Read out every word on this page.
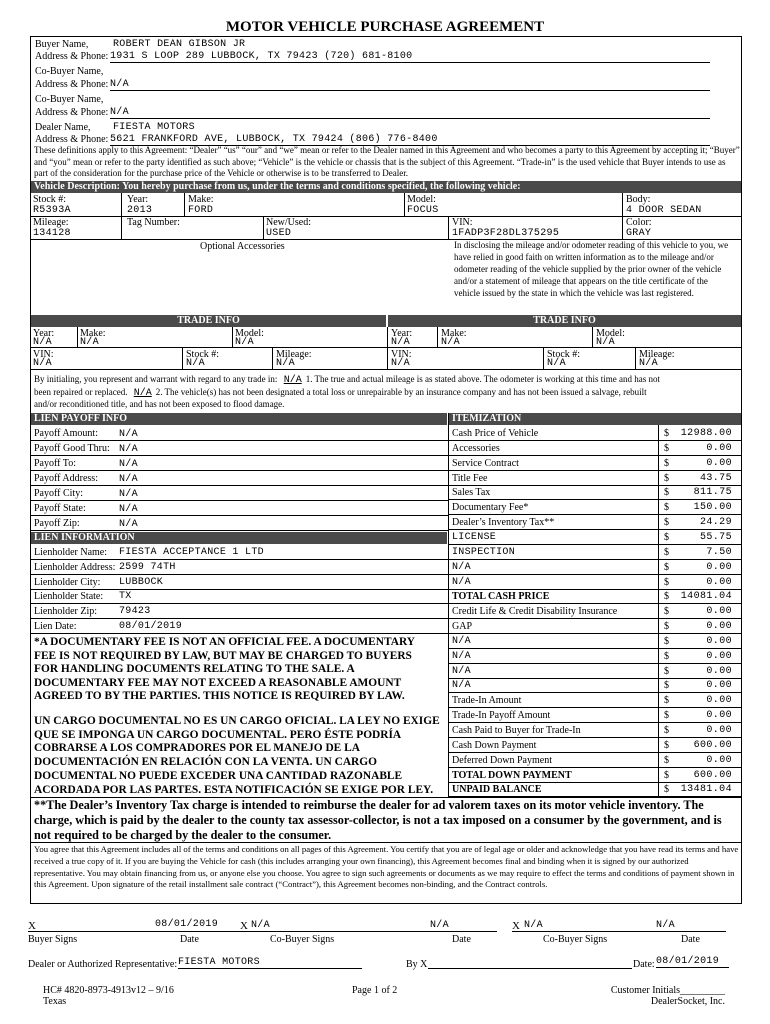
MOTOR VEHICLE PURCHASE AGREEMENT
Buyer Name, ROBERT DEAN GIBSON JR
Address & Phone: 1931 S LOOP 289 LUBBOCK, TX 79423 (720) 681-8100
Co-Buyer Name,
Address & Phone: N/A
Co-Buyer Name,
Address & Phone: N/A
Dealer Name, FIESTA MOTORS
Address & Phone: 5621 FRANKFORD AVE, LUBBOCK, TX 79424 (806) 776-8400
These definitions apply to this Agreement: “Dealer” “us” “our” and “we” mean or refer to the Dealer named in this Agreement and who becomes a party to this Agreement by accepting it; “Buyer” and “you” mean or refer to the party identified as such above; “Vehicle” is the vehicle or chassis that is the subject of this Agreement. “Trade-in” is the used vehicle that Buyer intends to use as part of the consideration for the purchase price of the Vehicle or otherwise is to be transferred to Dealer.
Vehicle Description: You hereby purchase from us, under the terms and conditions specified, the following vehicle:
Stock #:
R5393A
Year:
2013
Make:
FORD
Model:
FOCUS
Body:
4 DOOR SEDAN
Mileage:
134128
Tag Number:	New/Used:
USED
VIN:
1FADP3F28DL375295
Color:
GRAY
Optional Accessories	In disclosing the mileage and/or odometer reading of this vehicle to you, we have relied in good faith on written information as to the mileage and/or odometer reading of the vehicle supplied by the prior owner of the vehicle and/or a statement of mileage that appears on the title certificate of the vehicle issued by the state in which the vehicle was last registered.
TRADE INFO	TRADE INFO
Year:
N/A
Make:
N/A
Model:
N/A
VIN:
N/A
Stock #:
N/A
Mileage:
N/A
Year:
N/A
Make:
N/A
Model:
N/A
VIN:
N/A
Stock #:
N/A
Mileage:
N/A
By initialing, you represent and warrant with regard to any trade in: N/A 1. The true and actual mileage is as stated above. The odometer is working at this time and has not
been repaired or replaced. N/A 2. The vehicle(s) has not been designated a total loss or unrepairable by an insurance company and has not been issued a salvage, rebuilt
and/or reconditioned title, and has not been exposed to flood damage.
LIEN PAYOFF INFO
Payoff Amount: N/A
Payoff Good Thru: N/A
Payoff To:	N/A
Payoff Address: N/A
Payoff City:	N/A
Payoff State:	N/A
Payoff Zip:	N/A
LIEN INFORMATION
Lienholder Name: FIESTA ACCEPTANCE 1 LTD
Lienholder Address: 2599 74TH
Lienholder City: LUBBOCK
Lienholder State: TX
Lienholder Zip: 79423
Lien Date:	08/01/2019
*A DOCUMENTARY FEE IS NOT AN OFFICIAL FEE. A DOCUMENTARY FEE IS NOT REQUIRED BY LAW, BUT MAY BE CHARGED TO BUYERS FOR HANDLING DOCUMENTS RELATING TO THE SALE. A DOCUMENTARY FEE MAY NOT EXCEED A REASONABLE AMOUNT AGREED TO BY THE PARTIES. THIS NOTICE IS REQUIRED BY LAW.
UN CARGO DOCUMENTAL NO ES UN CARGO OFICIAL. LA LEY NO EXIGE QUE SE IMPONGA UN CARGO DOCUMENTAL. PERO ÉSTE PODRÍA COBRARSE A LOS COMPRADORES POR EL MANEJO DE LA DOCUMENTACIÓN EN RELACIÓN CON LA VENTA. UN CARGO DOCUMENTAL NO PUEDE EXCEDER UNA CANTIDAD RAZONABLE ACORDADA POR LAS PARTES. ESTA NOTIFICACIÓN SE EXIGE POR LEY.
ITEMIZATION
Cash Price of Vehicle	$ 12988.00
Accessories	$	0.00
Service Contract	$	0.00
Title Fee	$	43.75
Sales Tax	$ 811.75
Documentary Fee*	$ 150.00
Dealer’s Inventory Tax**	$	24.29
LICENSE	$	55.75
INSPECTION	$	7.50
N/A	$	0.00
N/A	$	0.00
TOTAL CASH PRICE	$ 14081.04
Credit Life & Credit Disability Insurance	$	0.00
GAP	$	0.00
N/A	$	0.00
N/A	$	0.00
N/A	$	0.00
N/A	$	0.00
Trade-In Amount	$	0.00
Trade-In Payoff Amount	$	0.00
Cash Paid to Buyer for Trade-In	$	0.00
Cash Down Payment	$ 600.00
Deferred Down Payment	$	0.00
TOTAL DOWN PAYMENT	$ 600.00
UNPAID BALANCE	$ 13481.04
**The Dealer’s Inventory Tax charge is intended to reimburse the dealer for ad valorem taxes on its motor vehicle inventory. The charge, which is paid by the dealer to the county tax assessor-collector, is not a tax imposed on a consumer by the government, and is not required to be charged by the dealer to the consumer.
You agree that this Agreement includes all of the terms and conditions on all pages of this Agreement. You certify that you are of legal age or older and acknowledge that you have read its terms and have received a true copy of it. If you are buying the Vehicle for cash (this includes arranging your own financing), this Agreement becomes final and binding when it is signed by our authorized representative. You may obtain financing from us, or anyone else you choose. You agree to sign such agreements or documents as we may require to effect the terms and conditions of payment shown in this Agreement. Upon signature of the retail installment sale contract (“Contract”), this Agreement becomes non-binding, and the Contract controls.
X	08/01/2019 X N/A	N/A	X N/A	N/A
Buyer Signs	Date	Co-Buyer Signs	Date	Co-Buyer Signs	Date
Dealer or Authorized Representative: FIESTA MOTORS	By X	Date: 08/01/2019
HC# 4820-8973-4913v12 – 9/16
Texas
Page 1 of 2	Customer Initials_________
DealerSocket, Inc.
